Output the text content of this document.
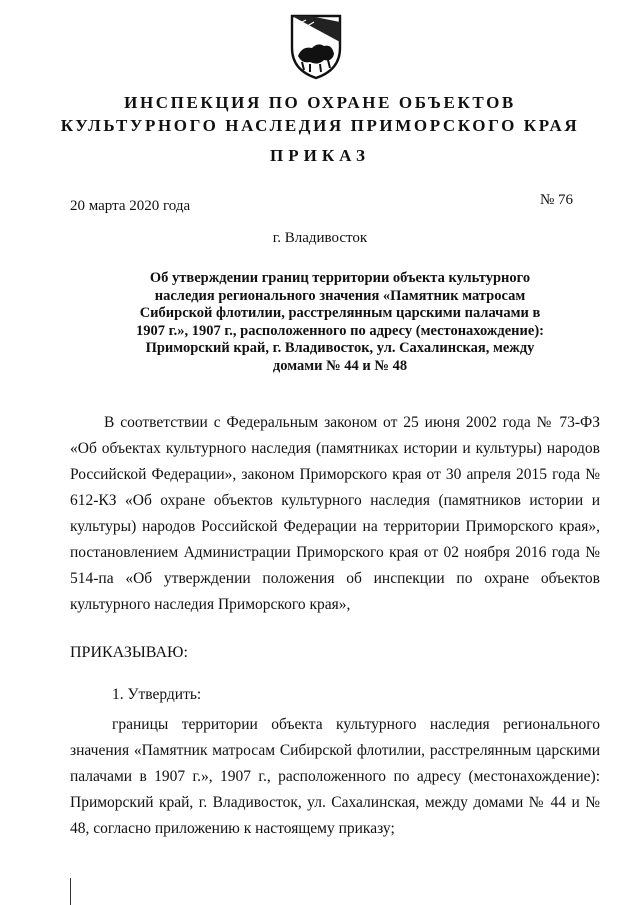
ИНСПЕКЦИЯ ПО ОХРАНЕ ОБЪЕКТОВ
КУЛЬТУРНОГО НАСЛЕДИЯ ПРИМОРСКОГО КРАЯ
ПРИКАЗ
20 марта 2020 года	№ 76
г. Владивосток
Об утверждении границ территории объекта культурного наследия регионального значения «Памятник матросам Сибирской флотилии, расстрелянным царскими палачами в 1907 г.», 1907 г., расположенного по адресу (местонахождение): Приморский край, г. Владивосток, ул. Сахалинская, между домами № 44 и № 48
В соответствии с Федеральным законом от 25 июня 2002 года № 73-ФЗ «Об объектах культурного наследия (памятниках истории и культуры) народов Российской Федерации», законом Приморского края от 30 апреля 2015 года № 612-КЗ «Об охране объектов культурного наследия (памятников истории и культуры) народов Российской Федерации на территории Приморского края», постановлением Администрации Приморского края от 02 ноября 2016 года № 514-па «Об утверждении положения об инспекции по охране объектов культурного наследия Приморского края»,
ПРИКАЗЫВАЮ:
1. Утвердить:
границы территории объекта культурного наследия регионального значения «Памятник матросам Сибирской флотилии, расстрелянным царскими палачами в 1907 г.», 1907 г., расположенного по адресу (местонахождение): Приморский край, г. Владивосток, ул. Сахалинская, между домами № 44 и № 48, согласно приложению к настоящему приказу;
